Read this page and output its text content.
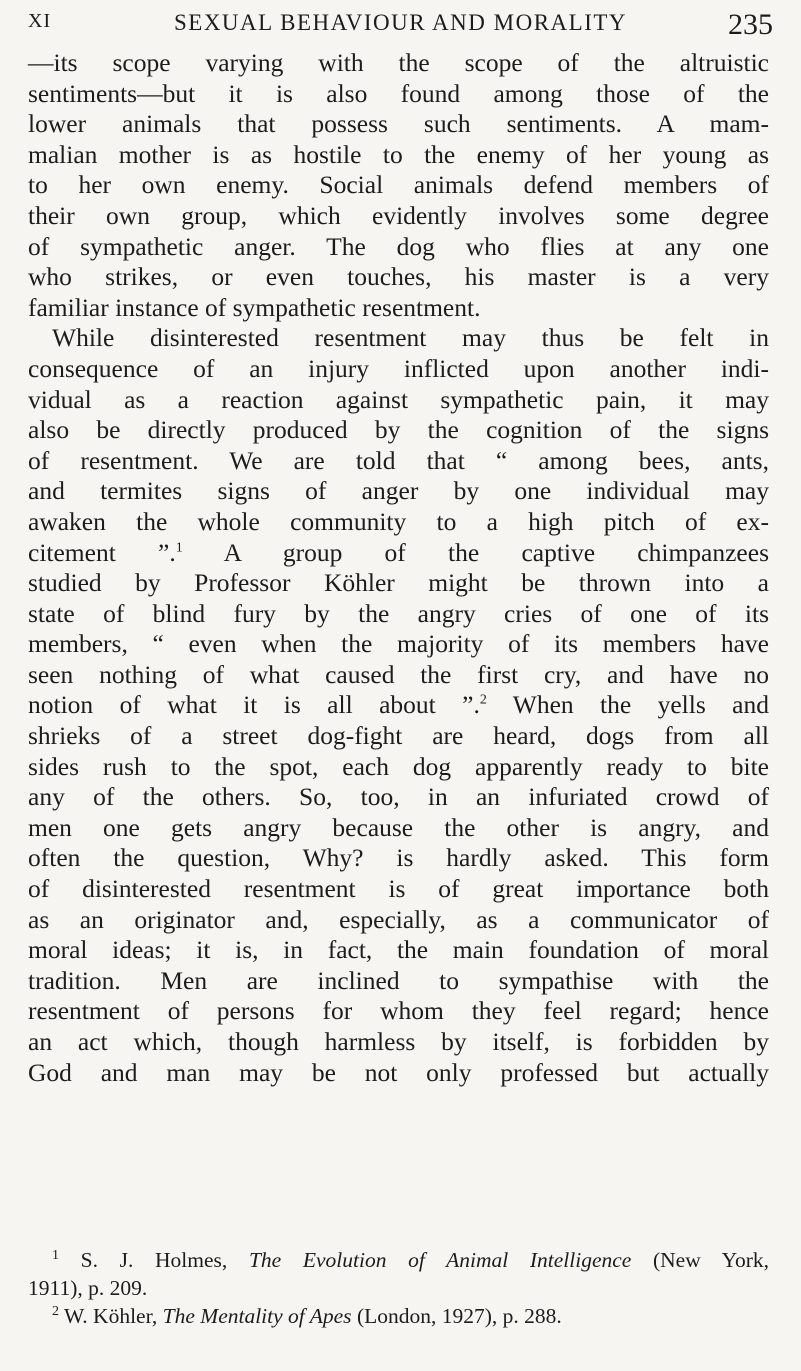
XI	SEXUAL BEHAVIOUR AND MORALITY	235
—its scope varying with the scope of the altruistic
sentiments—but it is also found among those of the
lower animals that possess such sentiments. A mam-
malian mother is as hostile to the enemy of her young as
to her own enemy. Social animals defend members of
their own group, which evidently involves some degree
of sympathetic anger. The dog who flies at any one
who strikes, or even touches, his master is a very
familiar instance of sympathetic resentment.
While disinterested resentment may thus be felt in
consequence of an injury inflicted upon another indi-
vidual as a reaction against sympathetic pain, it may
also be directly produced by the cognition of the signs
of resentment. We are told that “ among bees, ants,
and termites signs of anger by one individual may
awaken the whole community to a high pitch of ex-
citement ”.$^1$ A group of the captive chimpanzees
studied by Professor Köhler might be thrown into a
state of blind fury by the angry cries of one of its
members, “ even when the majority of its members have
seen nothing of what caused the first cry, and have no
notion of what it is all about ”.$^2$ When the yells and
shrieks of a street dog-fight are heard, dogs from all
sides rush to the spot, each dog apparently ready to bite
any of the others. So, too, in an infuriated crowd of
men one gets angry because the other is angry, and
often the question, Why? is hardly asked. This form
of disinterested resentment is of great importance both
as an originator and, especially, as a communicator of
moral ideas; it is, in fact, the main foundation of moral
tradition. Men are inclined to sympathise with the
resentment of persons for whom they feel regard; hence
an act which, though harmless by itself, is forbidden by
God and man may be not only professed but actually
$^1$ S. J. Holmes, The Evolution of Animal Intelligence (New York,
1911), p. 209.
$^2$ W. Köhler, The Mentality of Apes (London, 1927), p. 288.
